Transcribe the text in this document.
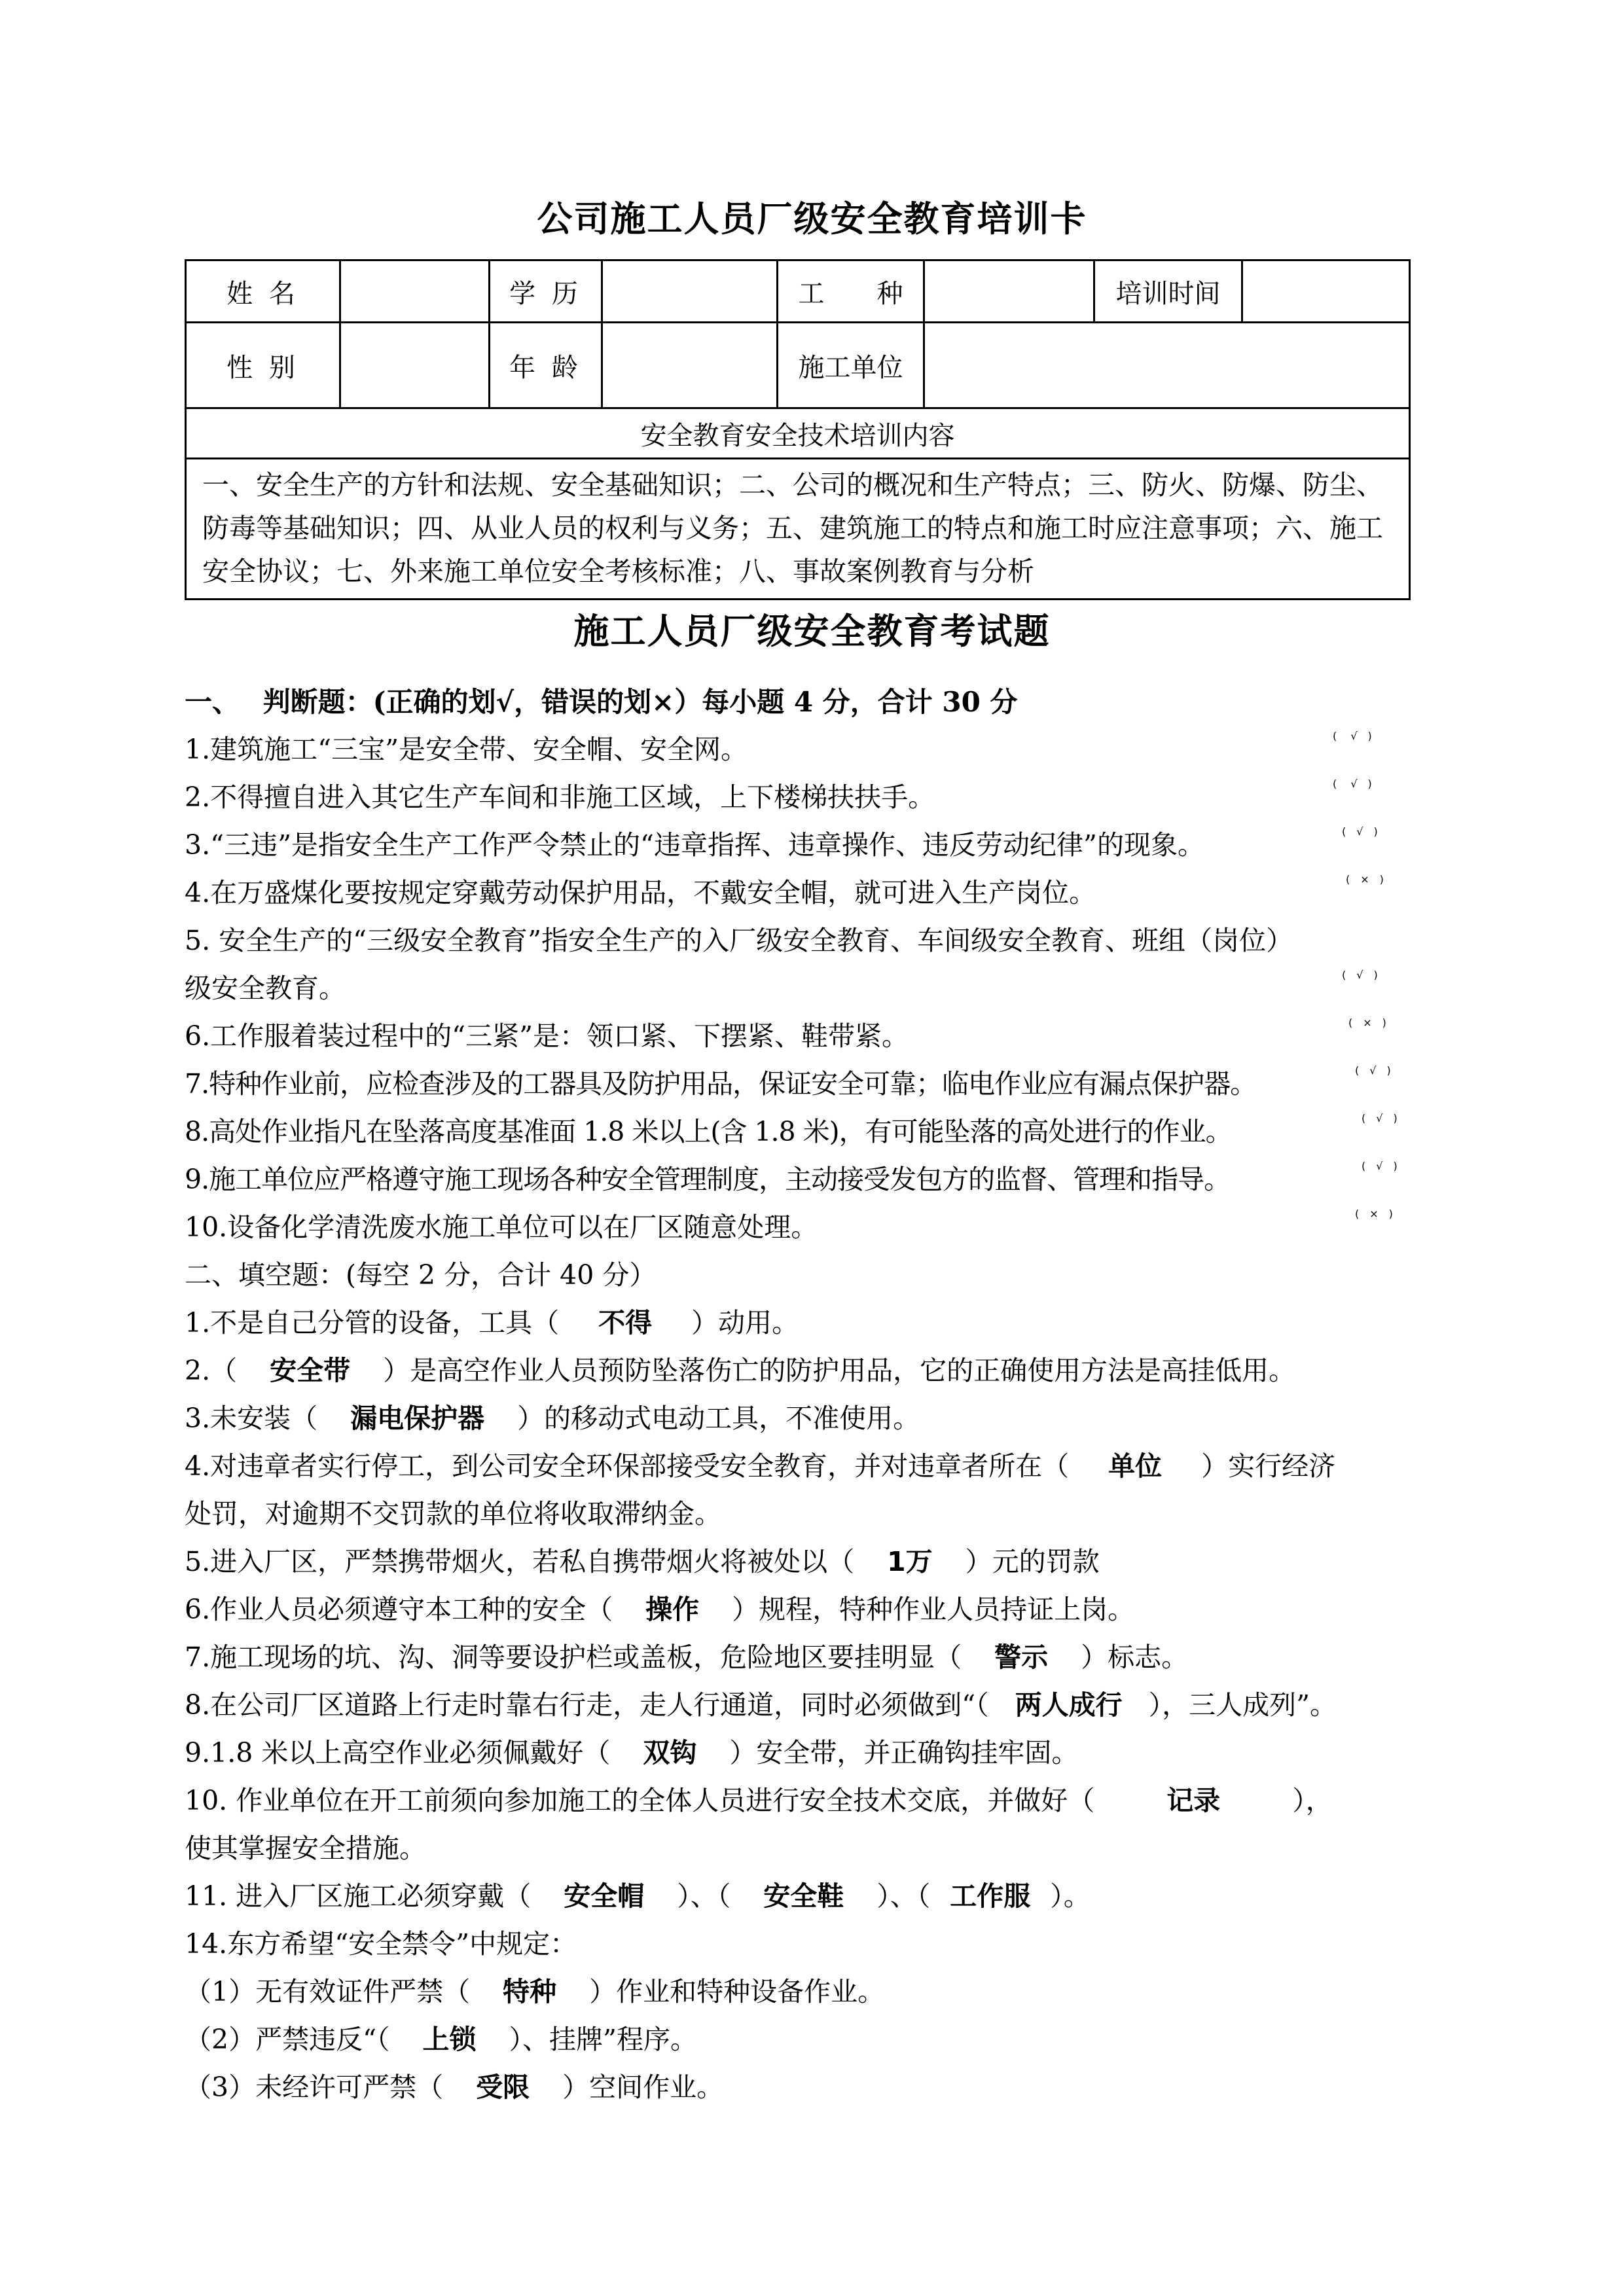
公司施工人员厂级安全教育培训卡
姓 名		学 历		工　　种		培训时间	
性 别		年 龄		施工单位			
安全教育安全技术培训内容							
一、安全生产的方针和法规、安全基础知识；二、公司的概况和生产特点；三、防火、防爆、防尘、防毒等基础知识；四、从业人员的权利与义务；五、建筑施工的特点和施工时应注意事项；六、施工安全协议；七、外来施工单位安全考核标准；八、事故案例教育与分析							
施工人员厂级安全教育考试题
一、　 判断题：(正确的划√，错误的划×）每小题 4 分，合计 30 分
1.建筑施工“三宝”是安全带、安全帽、安全网。
2.不得擅自进入其它生产车间和非施工区域，上下楼梯扶扶手。
3.“三违”是指安全生产工作严令禁止的“违章指挥、违章操作、违反劳动纪律”的现象。
4.在万盛煤化要按规定穿戴劳动保护用品，不戴安全帽，就可进入生产岗位。
5. 安全生产的“三级安全教育”指安全生产的入厂级安全教育、车间级安全教育、班组（岗位）
级安全教育。
6.工作服着装过程中的“三紧”是：领口紧、下摆紧、鞋带紧。
7.特种作业前，应检查涉及的工器具及防护用品，保证安全可靠；临电作业应有漏点保护器。
8.高处作业指凡在坠落高度基准面 1.8 米以上(含 1.8 米)，有可能坠落的高处进行的作业。
9.施工单位应严格遵守施工现场各种安全管理制度，主动接受发包方的监督、管理和指导。
10.设备化学清洗废水施工单位可以在厂区随意处理。
二、填空题：(每空 2 分，合计 40 分）
1.不是自己分管的设备，工具（ 不得 ）动用。
2.（ 安全带 ）是高空作业人员预防坠落伤亡的防护用品，它的正确使用方法是高挂低用。
3.未安装（ 漏电保护器 ）的移动式电动工具，不准使用。
4.对违章者实行停工，到公司安全环保部接受安全教育，并对违章者所在（ 单位 ）实行经济
处罚，对逾期不交罚款的单位将收取滞纳金。
5.进入厂区，严禁携带烟火，若私自携带烟火将被处以（ 1万 ）元的罚款
6.作业人员必须遵守本工种的安全（ 操作 ）规程，特种作业人员持证上岗。
7.施工现场的坑、沟、洞等要设护栏或盖板，危险地区要挂明显（ 警示 ）标志。
8.在公司厂区道路上行走时靠右行走，走人行通道，同时必须做到“（ 两人成行 ），三人成列”。
9.1.8 米以上高空作业必须佩戴好（ 双钩 ）安全带，并正确钩挂牢固。
10. 作业单位在开工前须向参加施工的全体人员进行安全技术交底，并做好（	记录	），
使其掌握安全措施。
11. 进入厂区施工必须穿戴（ 安全帽 ）、（ 安全鞋 ）、（ 工作服 ）。
14.东方希望“安全禁令”中规定：
（1）无有效证件严禁（ 特种 ）作业和特种设备作业。
（2）严禁违反“（ 上锁 ）、挂牌”程序。
（3）未经许可严禁（ 受限 ）空间作业。
(　 √　)
(　 √　)
(　√　)
(　×　)
(　√　)
(　×　)
(　√　)
(　√　)
(　√　)
(　×　)
